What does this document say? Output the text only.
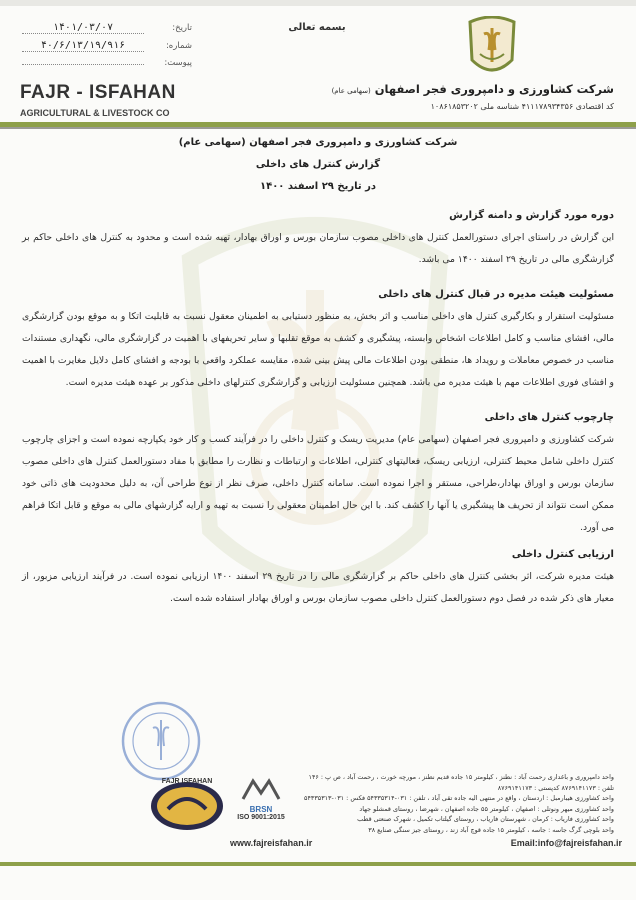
۱۴۰۱/۰۳/۰۷	تاریخ:
۴۰/۶/۱۳/۱۹/۹۱۶	شماره:
پیوست:
بسمه تعالی
شرکت کشاورزی و دامپروری فجر اصفهان (سهامی عام)
کد اقتصادی ۴۱۱۱۷۸۹۳۴۳۵۶ شناسه ملی ۱۰۸۶۱۸۵۳۲۰۲
FAJR - ISFAHAN
AGRICULTURAL & LIVESTOCK CO
شرکت کشاورزی و دامپروری فجر اصفهان (سهامی عام)
گزارش کنترل های داخلی
در تاریخ ۲۹ اسفند ۱۴۰۰
دوره مورد گزارش و دامنه گزارش

این گزارش در راستای اجرای دستورالعمل کنترل های داخلی مصوب سازمان بورس و اوراق بهادار، تهیه شده است و محدود به کنترل های داخلی حاکم بر گزارشگری مالی در تاریخ ۲۹ اسفند ۱۴۰۰ می باشد.

مسئولیت هیئت مدیره در قبال کنترل های داخلی

مسئولیت استقرار و بکارگیری کنترل های داخلی مناسب و اثر بخش، به منظور دستیابی به اطمینان معقول نسبت به قابلیت اتکا و به موقع بودن گزارشگری مالی، افشای مناسب و کامل اطلاعات اشخاص وابسته، پیشگیری و کشف به موقع تقلبها و سایر تحریفهای با اهمیت در گزارشگری مالی، نگهداری مستندات مناسب در خصوص معاملات و رویداد ها، منطقی بودن اطلاعات مالی پیش بینی شده، مقایسه عملکرد واقعی با بودجه و افشای کامل دلایل مغایرت با اهمیت و افشای فوری اطلاعات مهم با هیئت مدیره می باشد. همچنین مسئولیت ارزیابی و گزارشگری کنترلهای داخلی مذکور بر عهده هیئت مدیره است.

چارچوب کنترل های داخلی

شرکت کشاورزی و دامپروری فجر اصفهان (سهامی عام) مدیریت ریسک و کنترل داخلی را در فرآیند کسب و کار خود یکپارچه نموده است و اجزای چارچوب کنترل داخلی شامل محیط کنترلی، ارزیابی ریسک، فعالیتهای کنترلی، اطلاعات و ارتباطات و نظارت را مطابق با مفاد دستورالعمل کنترل های داخلی مصوب سازمان بورس و اوراق بهادار،طراحی، مستقر و اجرا نموده است. سامانه کنترل داخلی، صرف نظر از نوع طراحی آن، به دلیل محدودیت های ذاتی خود ممکن است نتواند از تحریف ها پیشگیری یا آنها را کشف کند. با این حال اطمینان معقولی را نسبت به تهیه و ارایه گزارشهای مالی به موقع و قابل اتکا فراهم می آورد.

ارزیابی کنترل داخلی

هیئت مدیره شرکت، اثر بخشی کنترل های داخلی حاکم بر گزارشگری مالی را در تاریخ ۲۹ اسفند ۱۴۰۰ ارزیابی نموده است. در فرآیند ارزیابی مزبور، از معیار های ذکر شده در فصل دوم دستورالعمل کنترل داخلی مصوب سازمان بورس و اوراق بهادار استفاده شده است.

FAJR ISFAHAN
BRSN
ISO 9001:2015
واحد دامپروری و باغداری رحمت آباد : نطنز ، کیلومتر ۱۵ جاده قدیم نطنز ، مورچه خورت ، رحمت آباد ، ص پ : ۱۴۶
تلفن : ۸۷۶۹۱۴۱۱۷۳ کدپستی : ۸۷۶۹۱۴۱۱۷۳
واحد کشاورزی هیبارمبل : اردستان ، واقع در منتهی الیه جاده تقی آباد ، تلفن : ۰۳۱-۵۴۳۳۵۳۱۴ فکس : ۰۳۱-۵۴۳۳۵۳۱۳
واحد کشاورزی میهر ونوتلی : اصفهان ، کیلومتر ۵۵ جاده اصفهان ، شهرضا ، روستای قمشلو جهاد
واحد کشاورزی فاریاب : کرمان ، شهرستان فاریاب ، روستای گیلتاب تکمیل ، شهرک صنعتی قطب
واحد بلوچی گرگ جاسه : جاسه ، کیلومتر ۱۵ جاده قوچ آباد زند ، روستای جیز سنگی صنایع ۳۸
www.fajreisfahan.ir	Email:info@fajreisfahan.ir
